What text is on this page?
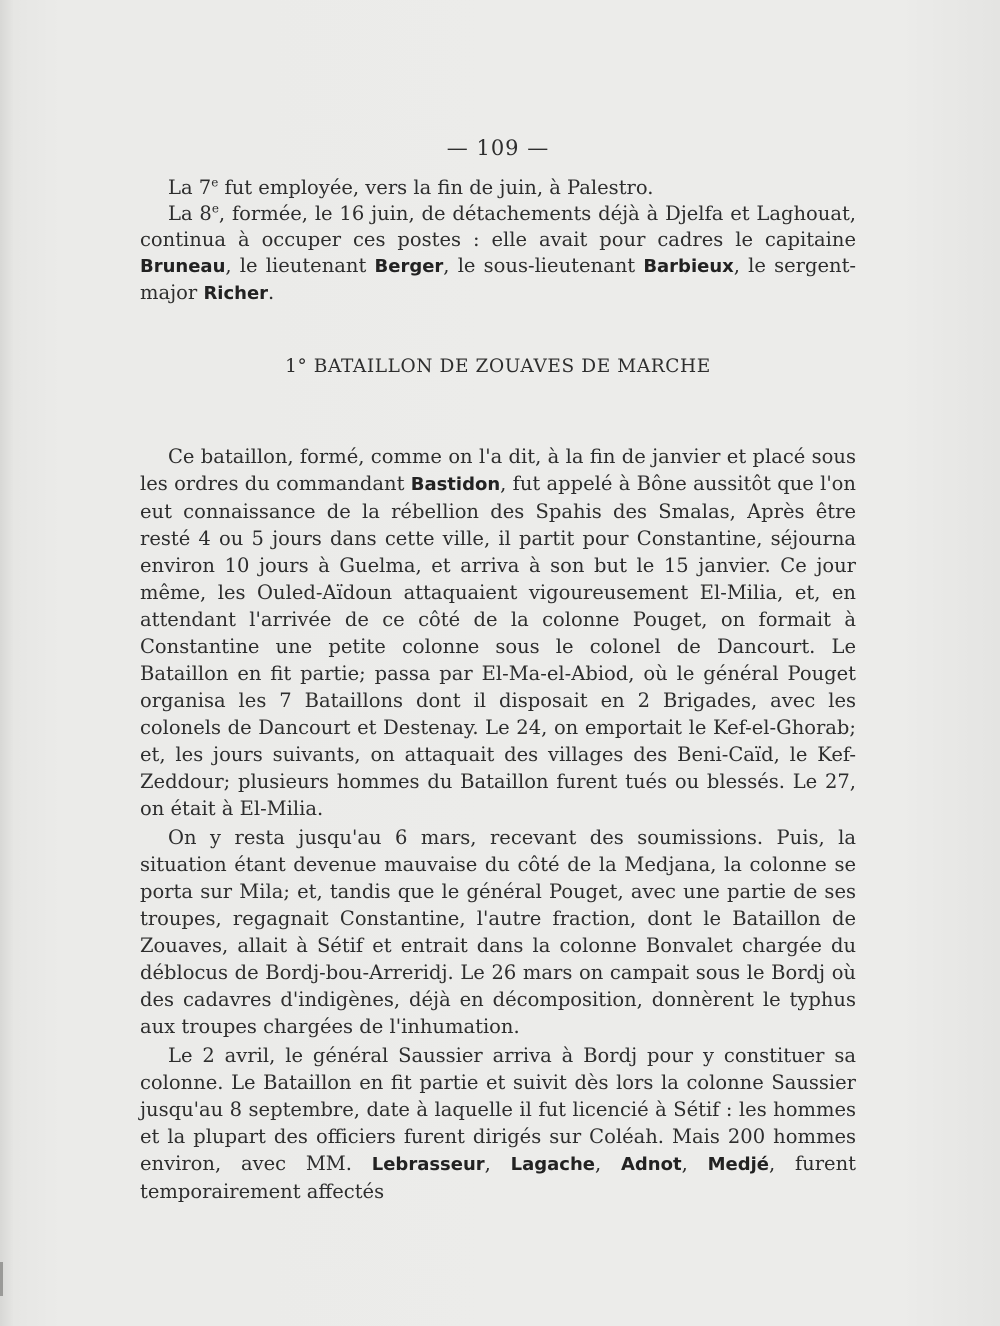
— 109 —

La 7e fut employée, vers la fin de juin, à Palestro.

La 8e, formée, le 16 juin, de détachements déjà à Djelfa et Laghouat, continua à occuper ces postes : elle avait pour cadres le capitaine Bruneau, le lieutenant Berger, le sous-lieutenant Barbieux, le sergent-major Richer.

1° BATAILLON DE ZOUAVES DE MARCHE

Ce bataillon, formé, comme on l'a dit, à la fin de janvier et placé sous les ordres du commandant Bastidon, fut appelé à Bône aussitôt que l'on eut connaissance de la rébellion des Spahis des Smalas, Après être resté 4 ou 5 jours dans cette ville, il partit pour Constantine, séjourna environ 10 jours à Guelma, et arriva à son but le 15 janvier. Ce jour même, les Ouled-Aïdoun attaquaient vigoureusement El-Milia, et, en attendant l'arrivée de ce côté de la colonne Pouget, on formait à Constantine une petite colonne sous le colonel de Dancourt. Le Bataillon en fit partie; passa par El-Ma-el-Abiod, où le général Pouget organisa les 7 Bataillons dont il disposait en 2 Brigades, avec les colonels de Dancourt et Destenay. Le 24, on emportait le Kef-el-Ghorab; et, les jours suivants, on attaquait des villages des Beni-Caïd, le Kef-Zeddour; plusieurs hommes du Bataillon furent tués ou blessés. Le 27, on était à El-Milia.

On y resta jusqu'au 6 mars, recevant des soumissions. Puis, la situation étant devenue mauvaise du côté de la Medjana, la colonne se porta sur Mila; et, tandis que le général Pouget, avec une partie de ses troupes, regagnait Constantine, l'autre fraction, dont le Bataillon de Zouaves, allait à Sétif et entrait dans la colonne Bonvalet chargée du déblocus de Bordj-bou-Arreridj. Le 26 mars on campait sous le Bordj où des cadavres d'indigènes, déjà en décomposition, donnèrent le typhus aux troupes chargées de l'inhumation.

Le 2 avril, le général Saussier arriva à Bordj pour y constituer sa colonne. Le Bataillon en fit partie et suivit dès lors la colonne Saussier jusqu'au 8 septembre, date à laquelle il fut licencié à Sétif : les hommes et la plupart des officiers furent dirigés sur Coléah. Mais 200 hommes environ, avec MM. Lebrasseur, Lagache, Adnot, Medjé, furent temporairement affectés
